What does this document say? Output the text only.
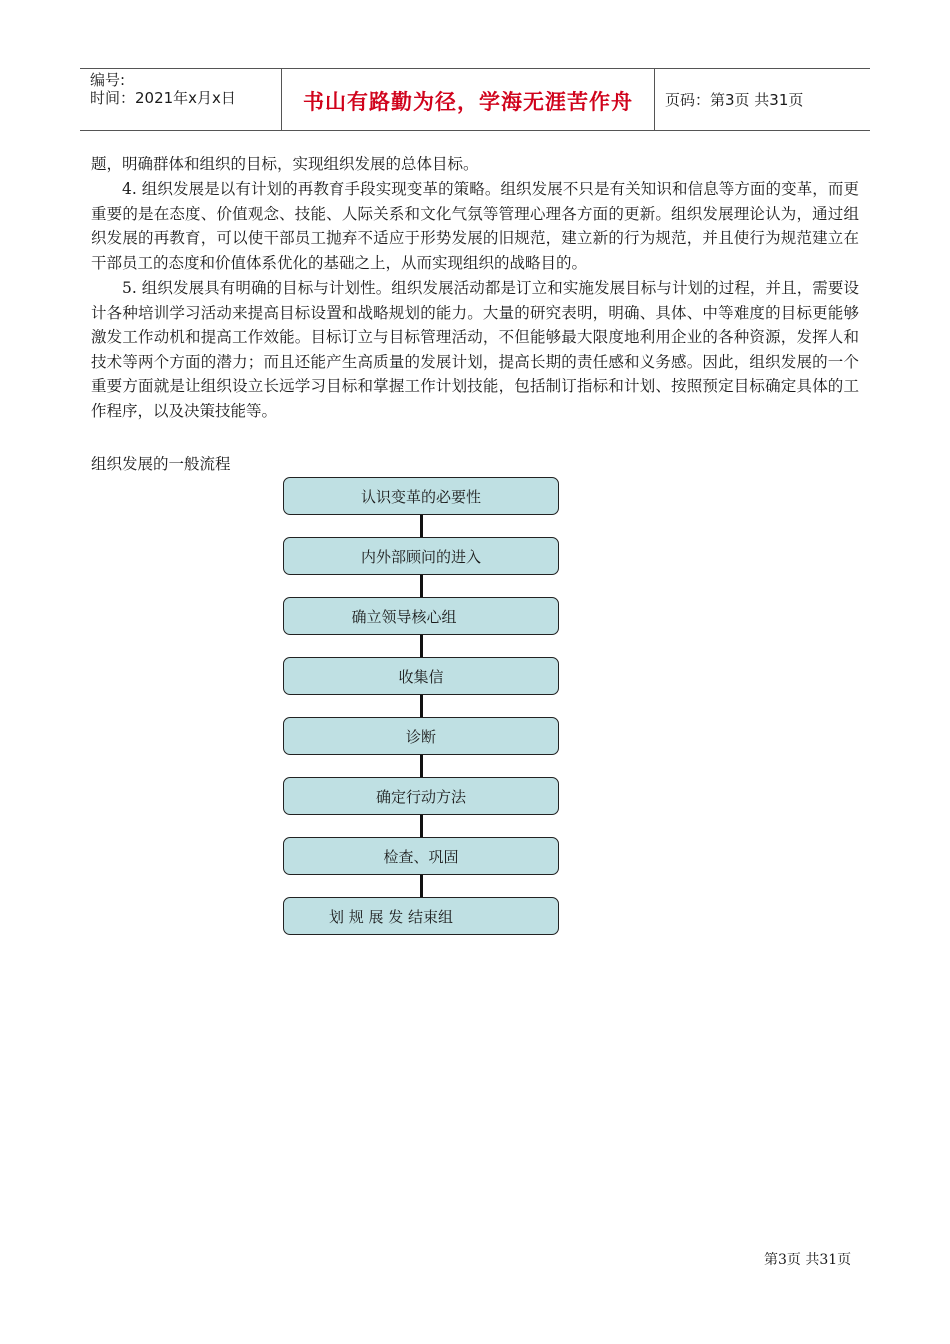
编号:
时间：2021年x月x日	书山有路勤为径，学海无涯苦作舟	页码：第3页 共31页
题，明确群体和组织的目标，实现组织发展的总体目标。
4. 组织发展是以有计划的再教育手段实现变革的策略。组织发展不只是有关知识和信息等方面的变革，而更重要的是在态度、价值观念、技能、人际关系和文化气氛等管理心理各方面的更新。组织发展理论认为，通过组织发展的再教育，可以使干部员工抛弃不适应于形势发展的旧规范，建立新的行为规范，并且使行为规范建立在干部员工的态度和价值体系优化的基础之上，从而实现组织的战略目的。
5. 组织发展具有明确的目标与计划性。组织发展活动都是订立和实施发展目标与计划的过程，并且，需要设计各种培训学习活动来提高目标设置和战略规划的能力。大量的研究表明，明确、具体、中等难度的目标更能够激发工作动机和提高工作效能。目标订立与目标管理活动，不但能够最大限度地利用企业的各种资源，发挥人和技术等两个方面的潜力；而且还能产生高质量的发展计划，提高长期的责任感和义务感。因此，组织发展的一个重要方面就是让组织设立长远学习目标和掌握工作计划技能，包括制订指标和计划、按照预定目标确定具体的工作程序，以及决策技能等。
组织发展的一般流程
认识变革的必要性
内外部顾问的进入
确立领导核心组
收集信
诊断
确定行动方法
检查、巩固
划 规 展 发 结束组
第3页 共31页
